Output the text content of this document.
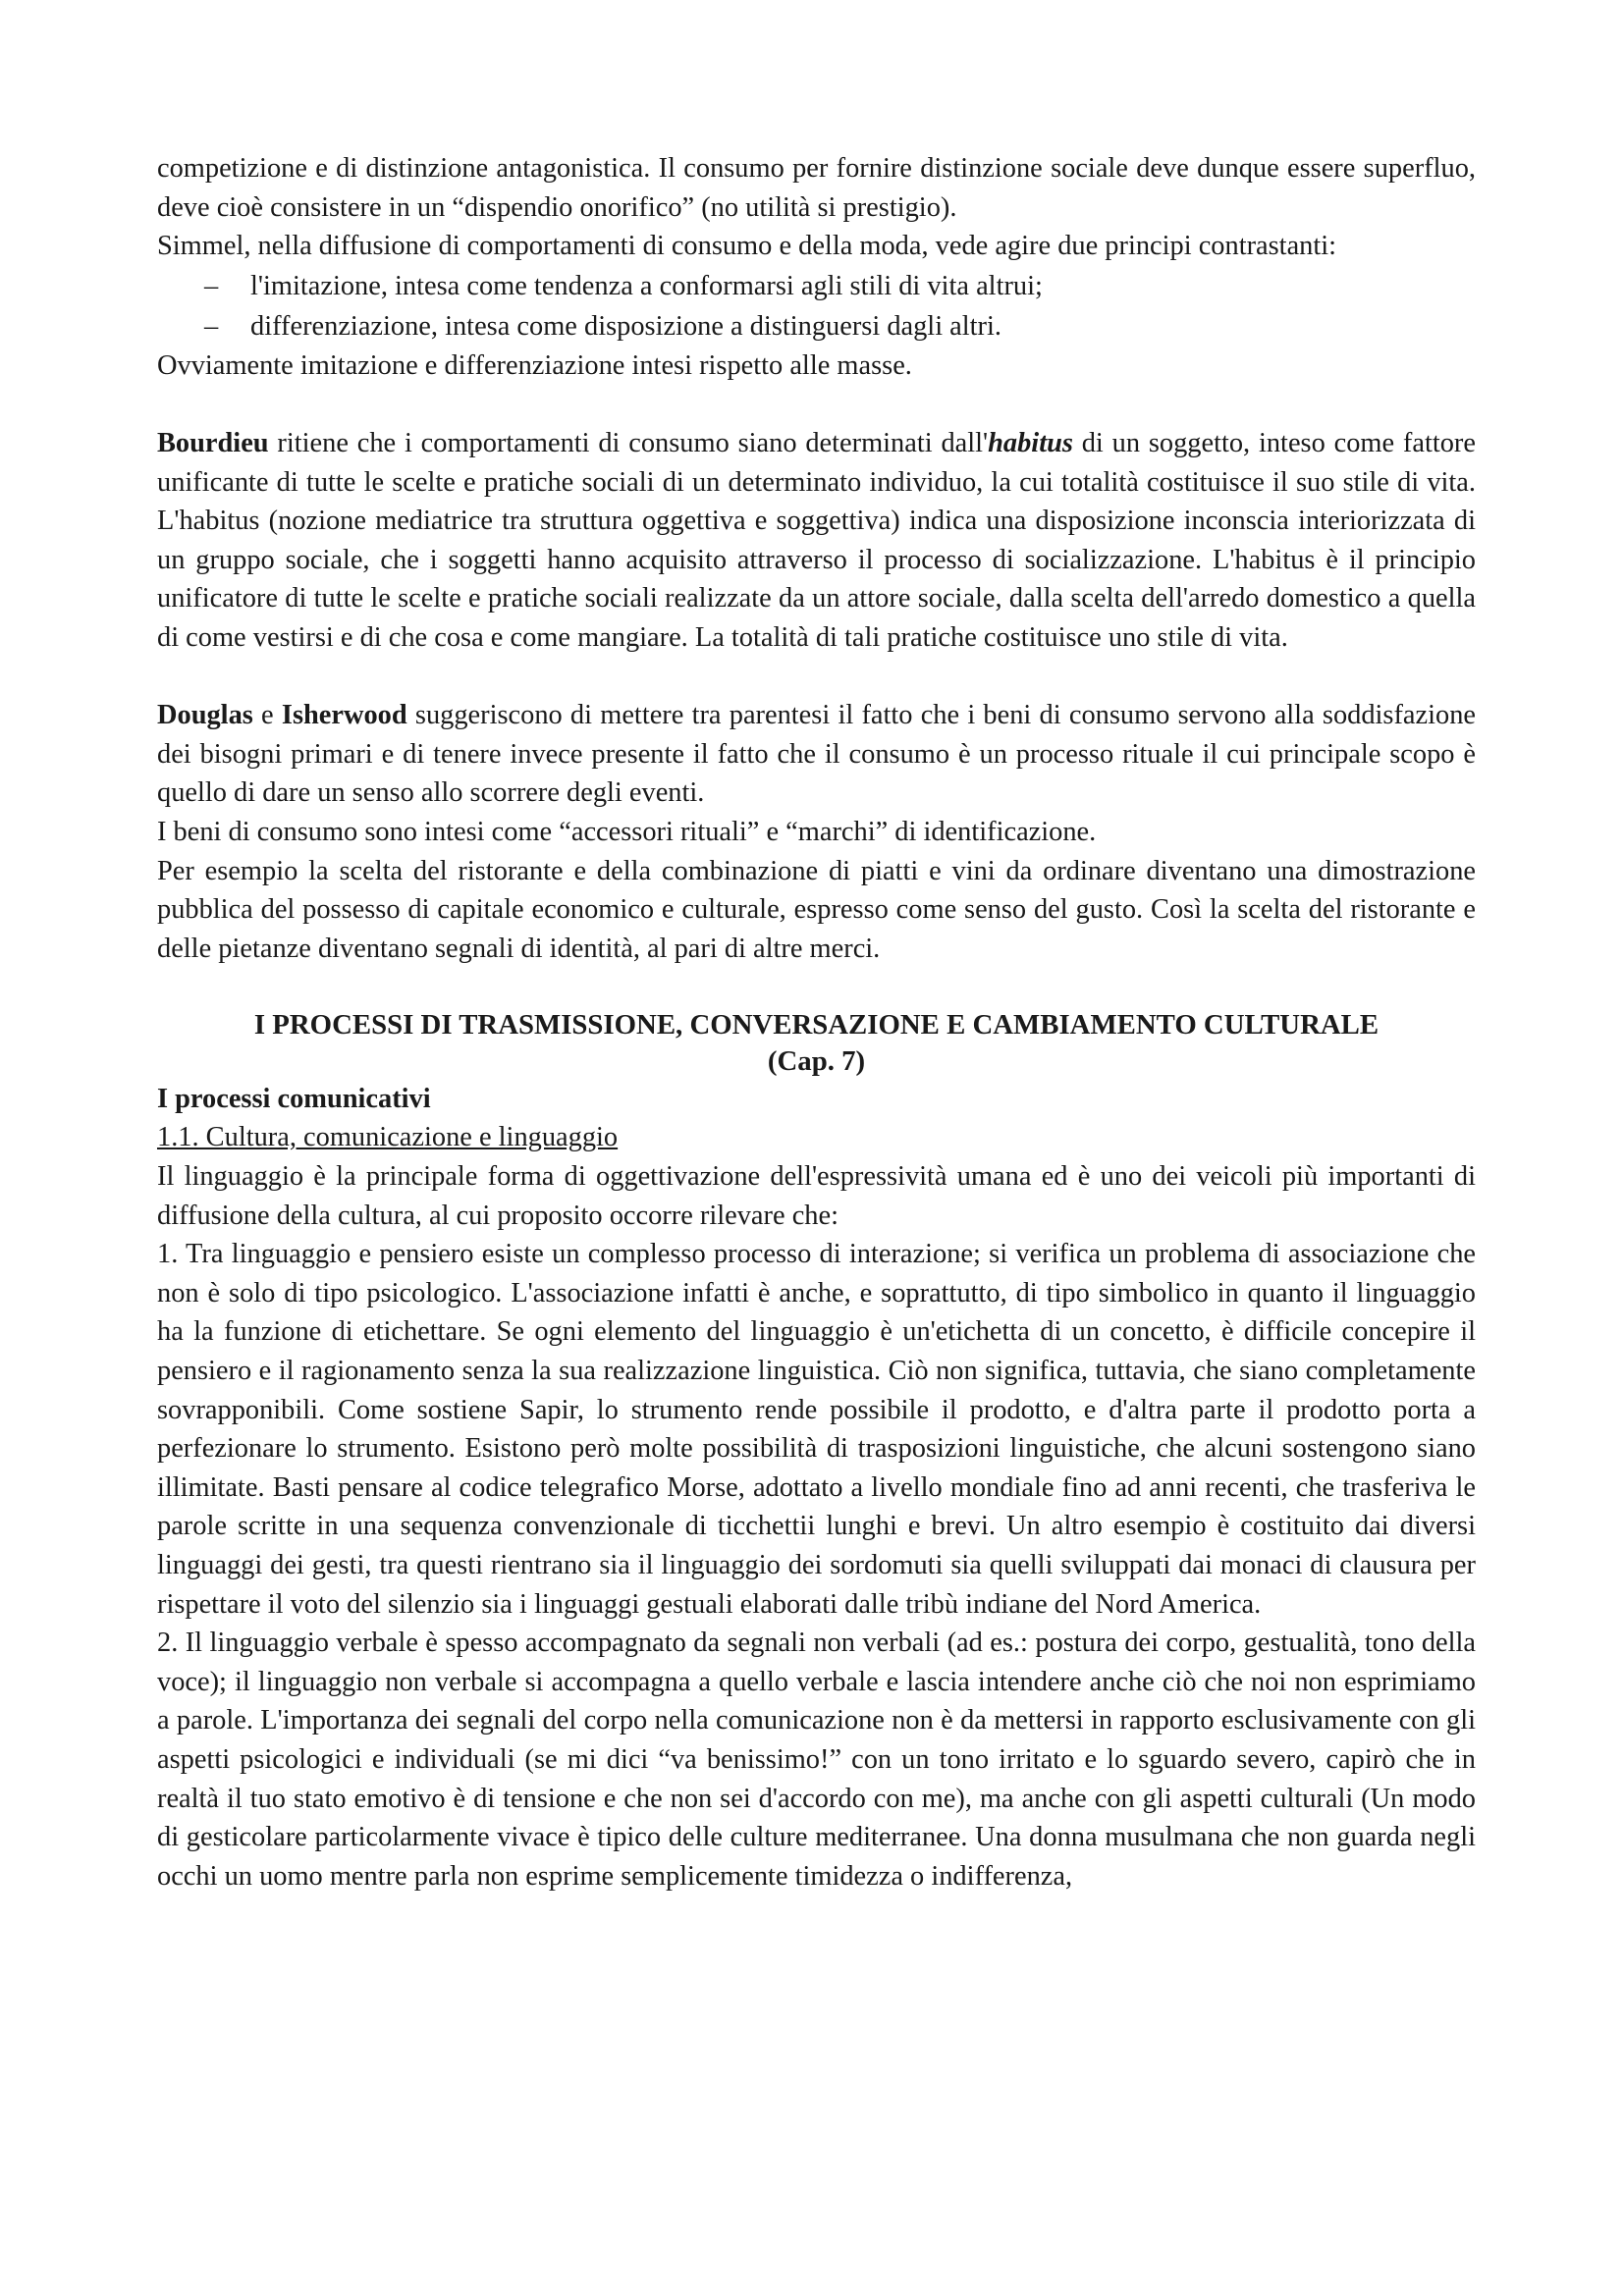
competizione e di distinzione antagonistica. Il consumo per fornire distinzione sociale deve dunque essere superfluo, deve cioè consistere in un “dispendio onorifico” (no utilità si prestigio).

Simmel, nella diffusione di comportamenti di consumo e della moda, vede agire due principi contrastanti:

– l'imitazione, intesa come tendenza a conformarsi agli stili di vita altrui;
– differenziazione, intesa come disposizione a distinguersi dagli altri.

Ovviamente imitazione e differenziazione intesi rispetto alle masse.

Bourdieu ritiene che i comportamenti di consumo siano determinati dall'habitus di un soggetto, inteso come fattore unificante di tutte le scelte e pratiche sociali di un determinato individuo, la cui totalità costituisce il suo stile di vita. L'habitus (nozione mediatrice tra struttura oggettiva e soggettiva) indica una disposizione inconscia interiorizzata di un gruppo sociale, che i soggetti hanno acquisito attraverso il processo di socializzazione. L'habitus è il principio unificatore di tutte le scelte e pratiche sociali realizzate da un attore sociale, dalla scelta dell'arredo domestico a quella di come vestirsi e di che cosa e come mangiare. La totalità di tali pratiche costituisce uno stile di vita.

Douglas e Isherwood suggeriscono di mettere tra parentesi il fatto che i beni di consumo servono alla soddisfazione dei bisogni primari e di tenere invece presente il fatto che il consumo è un processo rituale il cui principale scopo è quello di dare un senso allo scorrere degli eventi.

I beni di consumo sono intesi come “accessori rituali” e “marchi” di identificazione.

Per esempio la scelta del ristorante e della combinazione di piatti e vini da ordinare diventano una dimostrazione pubblica del possesso di capitale economico e culturale, espresso come senso del gusto. Così la scelta del ristorante e delle pietanze diventano segnali di identità, al pari di altre merci.

I PROCESSI DI TRASMISSIONE, CONVERSAZIONE E CAMBIAMENTO CULTURALE

(Cap. 7)

I processi comunicativi

1.1. Cultura, comunicazione e linguaggio

Il linguaggio è la principale forma di oggettivazione dell'espressività umana ed è uno dei veicoli più importanti di diffusione della cultura, al cui proposito occorre rilevare che:

1. Tra linguaggio e pensiero esiste un complesso processo di interazione; si verifica un problema di associazione che non è solo di tipo psicologico. L'associazione infatti è anche, e soprattutto, di tipo simbolico in quanto il linguaggio ha la funzione di etichettare. Se ogni elemento del linguaggio è un'etichetta di un concetto, è difficile concepire il pensiero e il ragionamento senza la sua realizzazione linguistica. Ciò non significa, tuttavia, che siano completamente sovrapponibili. Come sostiene Sapir, lo strumento rende possibile il prodotto, e d'altra parte il prodotto porta a perfezionare lo strumento. Esistono però molte possibilità di trasposizioni linguistiche, che alcuni sostengono siano illimitate. Basti pensare al codice telegrafico Morse, adottato a livello mondiale fino ad anni recenti, che trasferiva le parole scritte in una sequenza convenzionale di ticchettii lunghi e brevi. Un altro esempio è costituito dai diversi linguaggi dei gesti, tra questi rientrano sia il linguaggio dei sordomuti sia quelli sviluppati dai monaci di clausura per rispettare il voto del silenzio sia i linguaggi gestuali elaborati dalle tribù indiane del Nord America.

2. Il linguaggio verbale è spesso accompagnato da segnali non verbali (ad es.: postura dei corpo, gestualità, tono della voce); il linguaggio non verbale si accompagna a quello verbale e lascia intendere anche ciò che noi non esprimiamo a parole. L'importanza dei segnali del corpo nella comunicazione non è da mettersi in rapporto esclusivamente con gli aspetti psicologici e individuali (se mi dici “va benissimo!” con un tono irritato e lo sguardo severo, capirò che in realtà il tuo stato emotivo è di tensione e che non sei d'accordo con me), ma anche con gli aspetti culturali (Un modo di gesticolare particolarmente vivace è tipico delle culture mediterranee. Una donna musulmana che non guarda negli occhi un uomo mentre parla non esprime semplicemente timidezza o indifferenza,
